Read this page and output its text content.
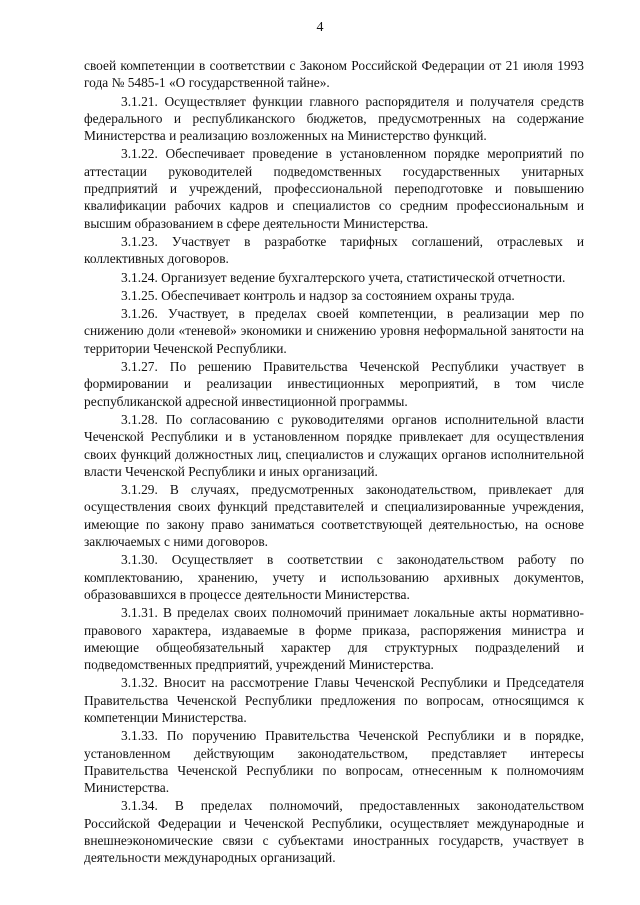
4

своей компетенции в соответствии с Законом Российской Федерации от 21 июля 1993 года № 5485-1 «О государственной тайне».

3.1.21. Осуществляет функции главного распорядителя и получателя средств федерального и республиканского бюджетов, предусмотренных на содержание Министерства и реализацию возложенных на Министерство функций.

3.1.22. Обеспечивает проведение в установленном порядке мероприятий по аттестации руководителей подведомственных государственных унитарных предприятий и учреждений, профессиональной переподготовке и повышению квалификации рабочих кадров и специалистов со средним профессиональным и высшим образованием в сфере деятельности Министерства.

3.1.23. Участвует в разработке тарифных соглашений, отраслевых и коллективных договоров.

3.1.24. Организует ведение бухгалтерского учета, статистической отчетности.

3.1.25. Обеспечивает контроль и надзор за состоянием охраны труда.

3.1.26. Участвует, в пределах своей компетенции, в реализации мер по снижению доли «теневой» экономики и снижению уровня неформальной занятости на территории Чеченской Республики.

3.1.27. По решению Правительства Чеченской Республики участвует в формировании и реализации инвестиционных мероприятий, в том числе республиканской адресной инвестиционной программы.

3.1.28. По согласованию с руководителями органов исполнительной власти Чеченской Республики и в установленном порядке привлекает для осуществления своих функций должностных лиц, специалистов и служащих органов исполнительной власти Чеченской Республики и иных организаций.

3.1.29. В случаях, предусмотренных законодательством, привлекает для осуществления своих функций представителей и специализированные учреждения, имеющие по закону право заниматься соответствующей деятельностью, на основе заключаемых с ними договоров.

3.1.30. Осуществляет в соответствии с законодательством работу по комплектованию, хранению, учету и использованию архивных документов, образовавшихся в процессе деятельности Министерства.

3.1.31. В пределах своих полномочий принимает локальные акты нормативно-правового характера, издаваемые в форме приказа, распоряжения министра и имеющие общеобязательный характер для структурных подразделений и подведомственных предприятий, учреждений Министерства.

3.1.32. Вносит на рассмотрение Главы Чеченской Республики и Председателя Правительства Чеченской Республики предложения по вопросам, относящимся к компетенции Министерства.

3.1.33. По поручению Правительства Чеченской Республики и в порядке, установленном действующим законодательством, представляет интересы Правительства Чеченской Республики по вопросам, отнесенным к полномочиям Министерства.

3.1.34. В пределах полномочий, предоставленных законодательством Российской Федерации и Чеченской Республики, осуществляет международные и внешнеэкономические связи с субъектами иностранных государств, участвует в деятельности международных организаций.
